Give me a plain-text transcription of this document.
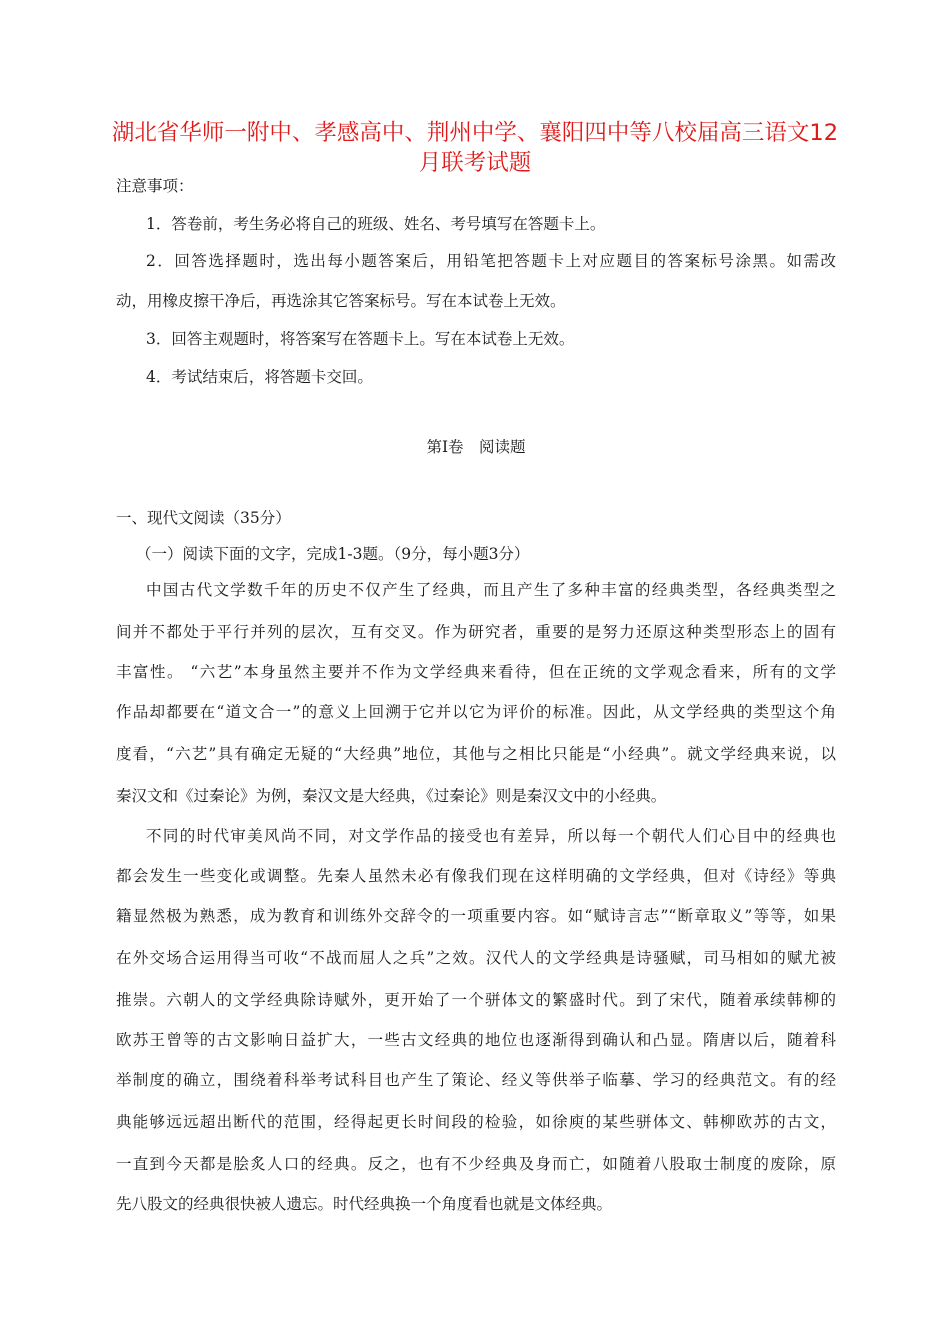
湖北省华师一附中、孝感高中、荆州中学、襄阳四中等八校届高三语文12
月联考试题
注意事项：
1．答卷前，考生务必将自己的班级、姓名、考号填写在答题卡上。
2．回答选择题时，选出每小题答案后，用铅笔把答题卡上对应题目的答案标号涂黑。如需改
动，用橡皮擦干净后，再选涂其它答案标号。写在本试卷上无效。
3．回答主观题时，将答案写在答题卡上。写在本试卷上无效。
4．考试结束后，将答题卡交回。
第Ⅰ卷　阅读题
一、现代文阅读（35分）
（一）阅读下面的文字，完成1-3题。（9分，每小题3分）
中国古代文学数千年的历史不仅产生了经典，而且产生了多种丰富的经典类型，各经典类型之
间并不都处于平行并列的层次，互有交叉。作为研究者，重要的是努力还原这种类型形态上的固有
丰富性。 “六艺”本身虽然主要并不作为文学经典来看待，但在正统的文学观念看来，所有的文学
作品却都要在“道文合一”的意义上回溯于它并以它为评价的标准。因此，从文学经典的类型这个角
度看，“六艺”具有确定无疑的“大经典”地位，其他与之相比只能是“小经典”。就文学经典来说，以
秦汉文和《过秦论》为例，秦汉文是大经典，《过秦论》则是秦汉文中的小经典。
不同的时代审美风尚不同，对文学作品的接受也有差异，所以每一个朝代人们心目中的经典也
都会发生一些变化或调整。先秦人虽然未必有像我们现在这样明确的文学经典，但对《诗经》等典
籍显然极为熟悉，成为教育和训练外交辞令的一项重要内容。如“赋诗言志”“断章取义”等等，如果
在外交场合运用得当可收“不战而屈人之兵”之效。汉代人的文学经典是诗骚赋，司马相如的赋尤被
推崇。六朝人的文学经典除诗赋外，更开始了一个骈体文的繁盛时代。到了宋代，随着承续韩柳的
欧苏王曾等的古文影响日益扩大，一些古文经典的地位也逐渐得到确认和凸显。隋唐以后，随着科
举制度的确立，围绕着科举考试科目也产生了策论、经义等供举子临摹、学习的经典范文。有的经
典能够远远超出断代的范围，经得起更长时间段的检验，如徐庾的某些骈体文、韩柳欧苏的古文，
一直到今天都是脍炙人口的经典。反之，也有不少经典及身而亡，如随着八股取士制度的废除，原
先八股文的经典很快被人遗忘。时代经典换一个角度看也就是文体经典。
